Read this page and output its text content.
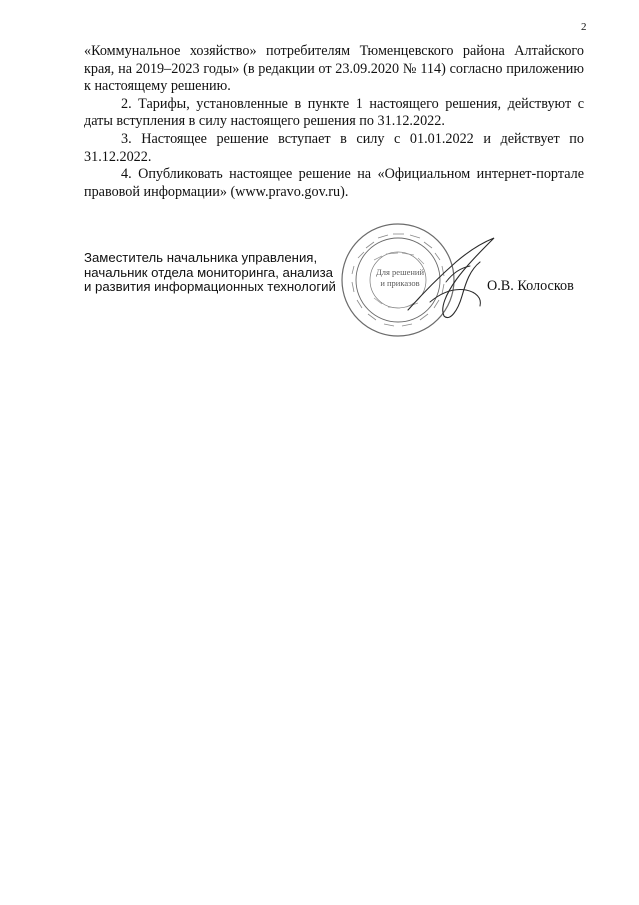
2

«Коммунальное хозяйство» потребителям Тюменцевского района Алтайского края, на 2019–2023 годы» (в редакции от 23.09.2020 № 114) согласно приложению к настоящему решению.

2. Тарифы, установленные в пункте 1 настоящего решения, действуют с даты вступления в силу настоящего решения по 31.12.2022.

3. Настоящее решение вступает в силу с 01.01.2022 и действует по 31.12.2022.

4. Опубликовать настоящее решение на «Официальном интернет-портале правовой информации» (www.pravo.gov.ru).

Заместитель начальника управления,
начальник отдела мониторинга, анализа
и развития информационных технологий
Для решений
и приказов	О.В. Колосков
